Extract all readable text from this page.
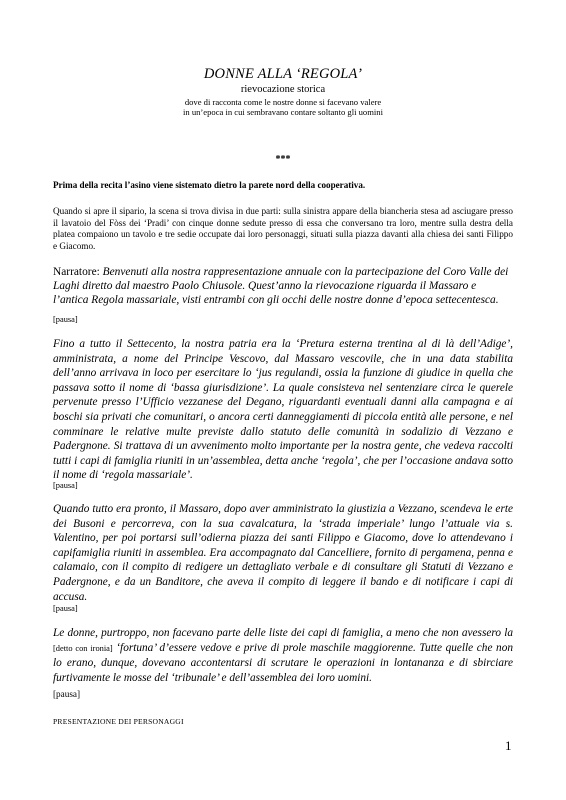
DONNE ALLA ‘REGOLA’
rievocazione storica
dove di racconta come le nostre donne si facevano valere
in un’epoca in cui sembravano contare soltanto gli uomini
***
Prima della recita l’asino viene sistemato dietro la parete nord della cooperativa.

Quando si apre il sipario, la scena si trova divisa in due parti: sulla sinistra appare della biancheria stesa ad asciugare presso il lavatoio del Fòss dei ‘Pradi’ con cinque donne sedute presso di essa che conversano tra loro, mentre sulla destra della platea compaiono un tavolo e tre sedie occupate dai loro personaggi, situati sulla piazza davanti alla chiesa dei santi Filippo e Giacomo.

Narratore: Benvenuti alla nostra rappresentazione annuale con la partecipazione del Coro Valle dei Laghi diretto dal maestro Paolo Chiusole. Quest’anno la rievocazione riguarda il Massaro e l’antica Regola massariale, visti entrambi con gli occhi delle nostre donne d’epoca settecentesca.

[pausa]

Fino a tutto il Settecento, la nostra patria era la ‘Pretura esterna trentina al di là dell’Adige’, amministrata, a nome del Principe Vescovo, dal Massaro vescovile, che in una data stabilita dell’anno arrivava in loco per esercitare lo ‘jus regulandi, ossia la funzione di giudice in quella che passava sotto il nome di ‘bassa giurisdizione’. La quale consisteva nel sentenziare circa le querele pervenute presso l’Ufficio vezzanese del Degano, riguardanti eventuali danni alla campagna e ai boschi sia privati che comunitari, o ancora certi danneggiamenti di piccola entità alle persone, e nel comminare le relative multe previste dallo statuto delle comunità in sodalizio di Vezzano e Padergnone. Si trattava di un avvenimento molto importante per la nostra gente, che vedeva raccolti tutti i capi di famiglia riuniti in un’assemblea, detta anche ‘regola’, che per l’occasione andava sotto il nome di ‘regola massariale’.

[pausa]

Quando tutto era pronto, il Massaro, dopo aver amministrato la giustizia a Vezzano, scendeva le erte dei Busoni e percorreva, con la sua cavalcatura, la ‘strada imperiale’ lungo l’attuale via s. Valentino, per poi portarsi sull’odierna piazza dei santi Filippo e Giacomo, dove lo attendevano i capifamiglia riuniti in assemblea. Era accompagnato dal Cancelliere, fornito di pergamena, penna e calamaio, con il compito di redigere un dettagliato verbale e di consultare gli Statuti di Vezzano e Padergnone, e da un Banditore, che aveva il compito di leggere il bando e di notificare i capi di accusa.

[pausa]

Le donne, purtroppo, non facevano parte delle liste dei capi di famiglia, a meno che non avessero la [detto con ironia] ‘fortuna’ d’essere vedove e prive di prole maschile maggiorenne. Tutte quelle che non lo erano, dunque, dovevano accontentarsi di scrutare le operazioni in lontananza e di sbirciare furtivamente le mosse del ‘tribunale’ e dell’assemblea dei loro uomini.

[pausa]
PRESENTAZIONE DEI PERSONAGGI
1
